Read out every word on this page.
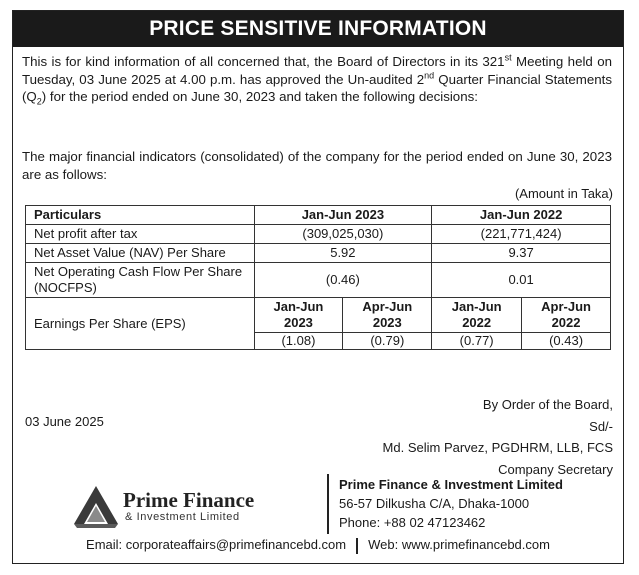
PRICE SENSITIVE INFORMATION
This is for kind information of all concerned that, the Board of Directors in its 321st Meeting held on Tuesday, 03 June 2025 at 4.00 p.m. has approved the Un-audited 2nd Quarter Financial Statements $(Q_2)$ for the period ended on June 30, 2023 and taken the following decisions:
The major financial indicators (consolidated) of the company for the period ended on June 30, 2023 are as follows:
(Amount in Taka)
Particulars	Jan-Jun 2023		Jan-Jun 2022	
Net profit after tax	(309,025,030)		(221,771,424)	
Net Asset Value (NAV) Per Share	5.92		9.37	
Net Operating Cash Flow Per Share (NOCFPS)	(0.46)		0.01	
Earnings Per Share (EPS)	Jan-Jun 2023	Apr-Jun 2023	Jan-Jun 2022	Apr-Jun 2022
	(1.08)	(0.79)	(0.77)	(0.43)
03 June 2025
By Order of the Board,
Sd/-
Md. Selim Parvez, PGDHRM, LLB, FCS
Company Secretary
Prime Finance
& Investment Limited
Prime Finance & Investment Limited
56-57 Dilkusha C/A, Dhaka-1000
Phone: +88 02 47123462
Email: corporateaffairs@primefinancebd.com Web: www.primefinancebd.com
